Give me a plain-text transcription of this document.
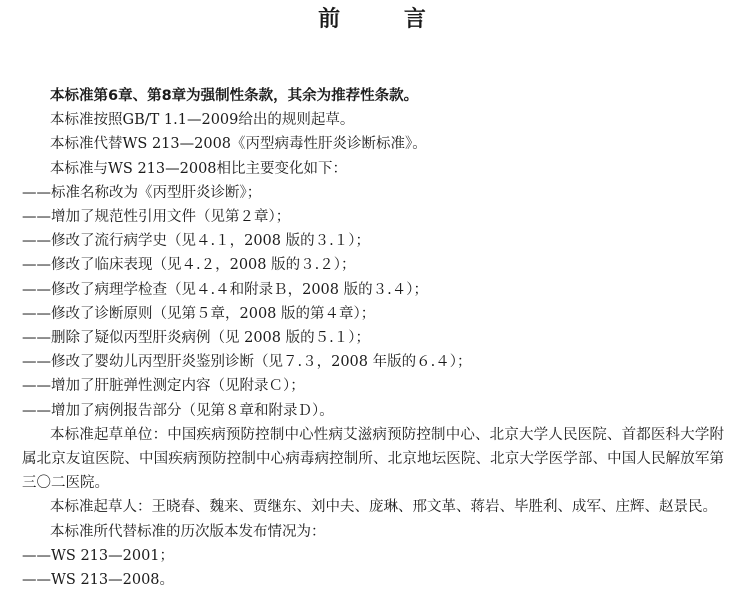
前 言

本标准第6章、第8章为强制性条款，其余为推荐性条款。

本标准按照GB/T 1.1—2009给出的规则起草。

本标准代替WS 213—2008《丙型病毒性肝炎诊断标准》。

本标准与WS 213—2008相比主要变化如下：

——标准名称改为《丙型肝炎诊断》；

——增加了规范性引用文件（见第２章）；

——修改了流行病学史（见４.１，2008 版的３.１）；

——修改了临床表现（见４.２，2008 版的３.２）；

——修改了病理学检查（见４.４和附录Ｂ，2008 版的３.４）；

——修改了诊断原则（见第５章，2008 版的第４章）；

——删除了疑似丙型肝炎病例（见 2008 版的５.１）；

——修改了婴幼儿丙型肝炎鉴别诊断（见７.３，2008 年版的６.４）；

——增加了肝脏弹性测定内容（见附录Ｃ）；

——增加了病例报告部分（见第８章和附录Ｄ）。

本标准起草单位：中国疾病预防控制中心性病艾滋病预防控制中心、北京大学人民医院、首都医科大学附属北京友谊医院、中国疾病预防控制中心病毒病控制所、北京地坛医院、北京大学医学部、中国人民解放军第三〇二医院。

本标准起草人：王晓春、魏来、贾继东、刘中夫、庞琳、邢文革、蒋岩、毕胜利、成军、庄辉、赵景民。

本标准所代替标准的历次版本发布情况为：

——WS 213—2001；

——WS 213—2008。
